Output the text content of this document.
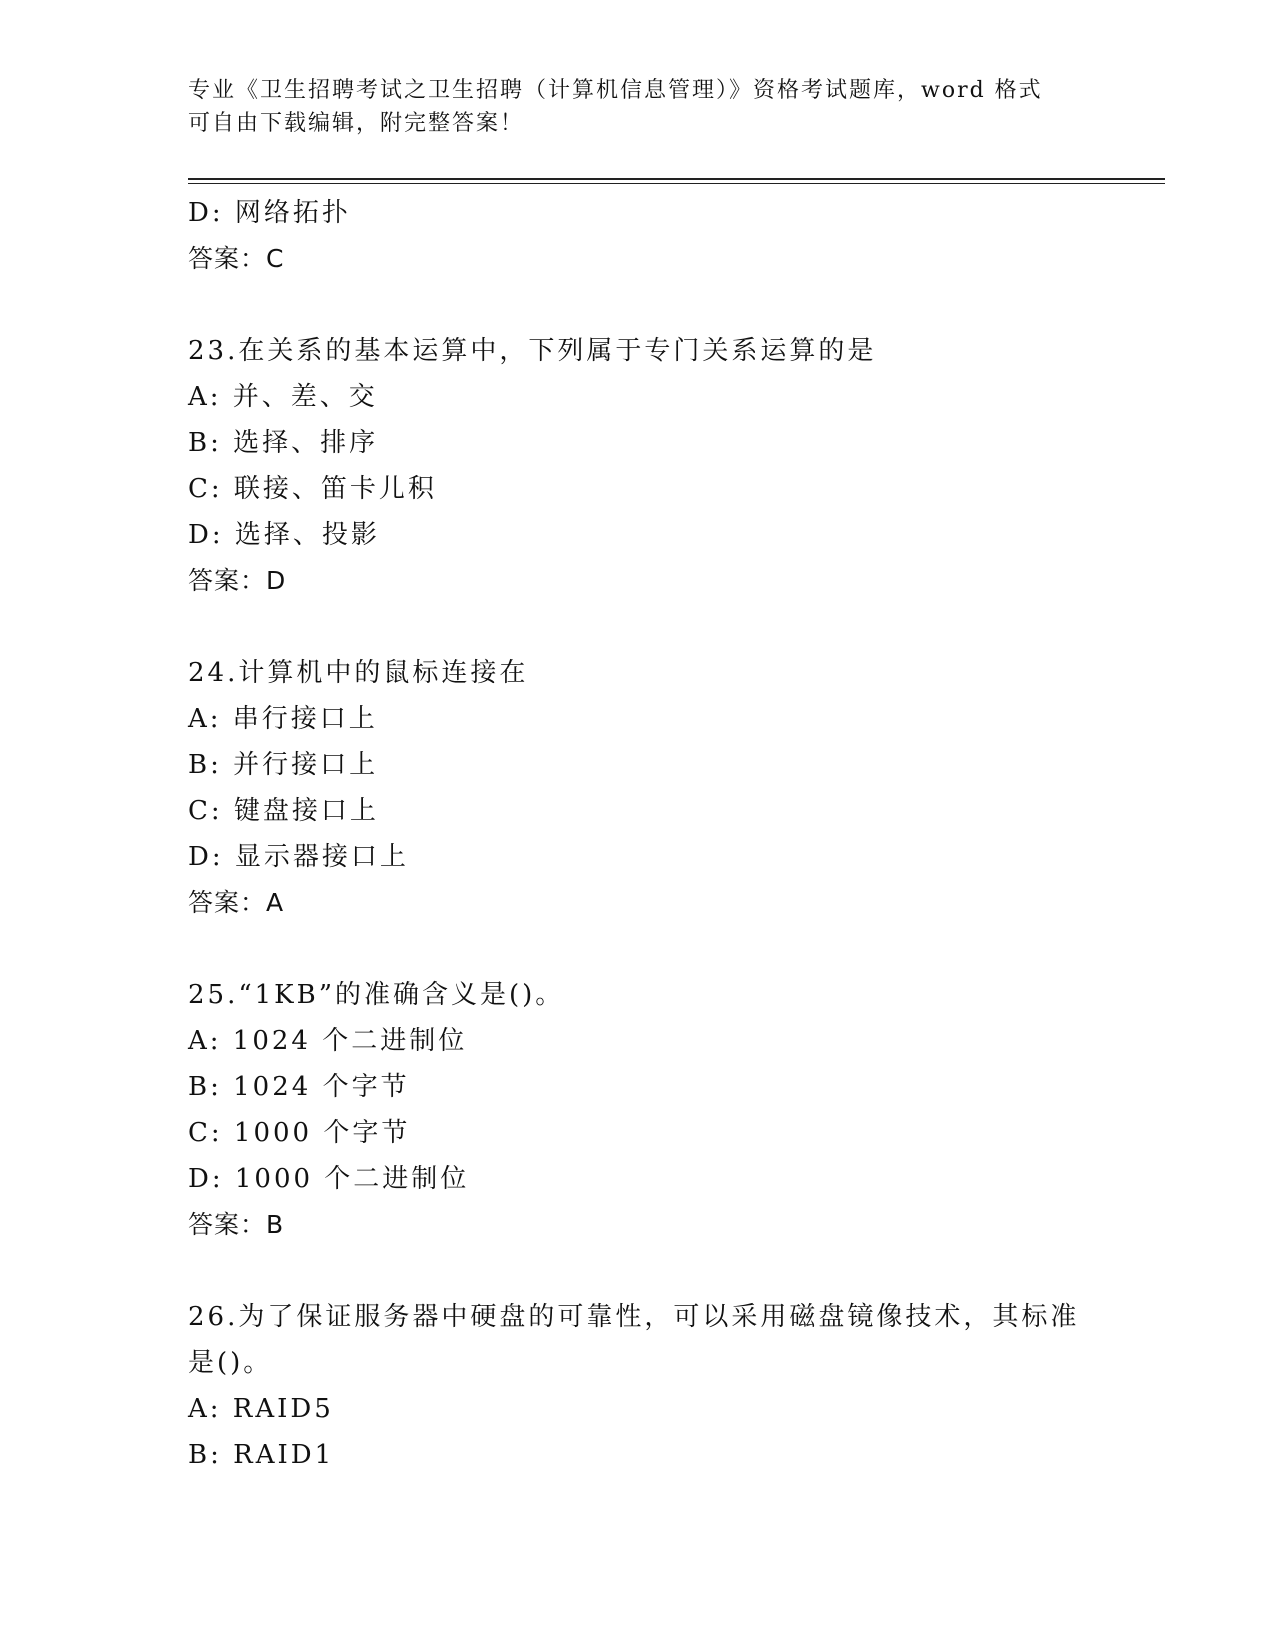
专业《卫生招聘考试之卫生招聘（计算机信息管理）》资格考试题库，word 格式
可自由下载编辑，附完整答案！
D: 网络拓扑
答案：C
23.在关系的基本运算中，下列属于专门关系运算的是
A: 并、差、交
B: 选择、排序
C: 联接、笛卡儿积
D: 选择、投影
答案：D
24.计算机中的鼠标连接在
A: 串行接口上
B: 并行接口上
C: 键盘接口上
D: 显示器接口上
答案：A
25.“1KB”的准确含义是()。
A: 1024 个二进制位
B: 1024 个字节
C: 1000 个字节
D: 1000 个二进制位
答案：B
26.为了保证服务器中硬盘的可靠性，可以采用磁盘镜像技术，其标准
是()。
A: RAID5
B: RAID1
